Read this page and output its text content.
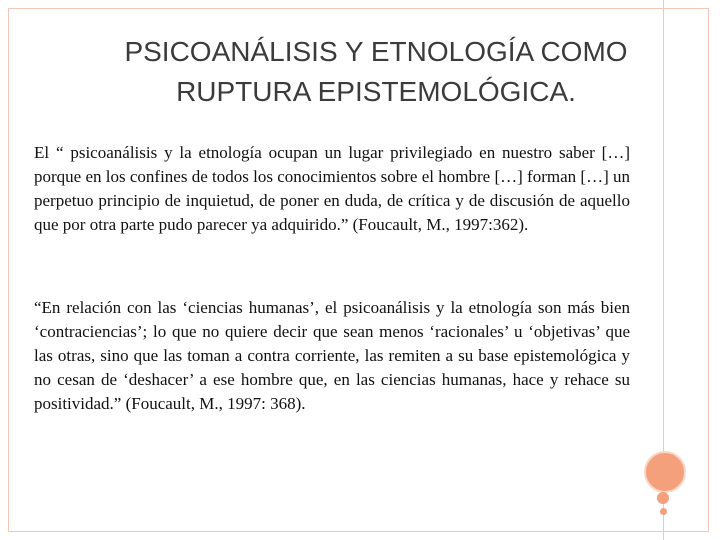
PSICOANÁLISIS Y ETNOLOGÍA COMO
RUPTURA EPISTEMOLÓGICA.

El “ psicoanálisis y la etnología ocupan un lugar privilegiado en nuestro saber […] porque en los confines de todos los conocimientos sobre el hombre […] forman […] un perpetuo principio de inquietud, de poner en duda, de crítica y de discusión de aquello que por otra parte pudo parecer ya adquirido.” (Foucault, M., 1997:362).

“En relación con las ‘ciencias humanas’, el psicoanálisis y la etnología son más bien ‘contraciencias’; lo que no quiere decir que sean menos ‘racionales’ u ‘objetivas’ que las otras, sino que las toman a contra corriente, las remiten a su base epistemológica y no cesan de ‘deshacer’ a ese hombre que, en las ciencias humanas, hace y rehace su positividad.” (Foucault, M., 1997: 368).
